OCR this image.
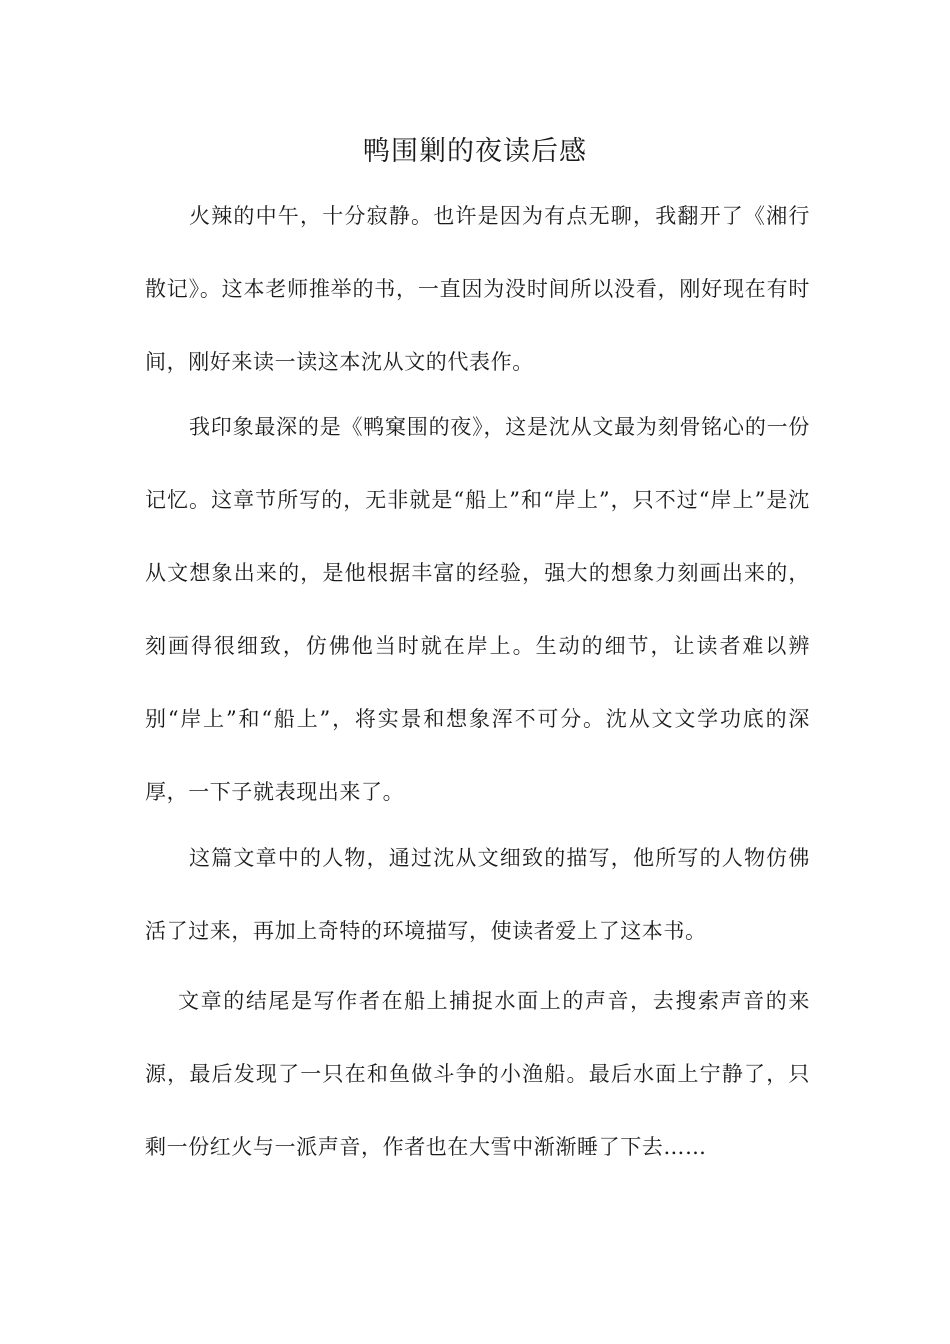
鸭围剿的夜读后感

火辣的中午，十分寂静。也许是因为有点无聊，我翻开了《湘行散记》。这本老师推举的书，一直因为没时间所以没看，刚好现在有时间，刚好来读一读这本沈从文的代表作。

我印象最深的是《鸭窠围的夜》，这是沈从文最为刻骨铭心的一份记忆。这章节所写的，无非就是“船上”和“岸上”，只不过“岸上”是沈从文想象出来的，是他根据丰富的经验，强大的想象力刻画出来的，刻画得很细致，仿佛他当时就在岸上。生动的细节，让读者难以辨别“岸上”和“船上”，将实景和想象浑不可分。沈从文文学功底的深厚，一下子就表现出来了。

这篇文章中的人物，通过沈从文细致的描写，他所写的人物仿佛活了过来，再加上奇特的环境描写，使读者爱上了这本书。

文章的结尾是写作者在船上捕捉水面上的声音，去搜索声音的来源，最后发现了一只在和鱼做斗争的小渔船。最后水面上宁静了，只剩一份红火与一派声音，作者也在大雪中渐渐睡了下去……
